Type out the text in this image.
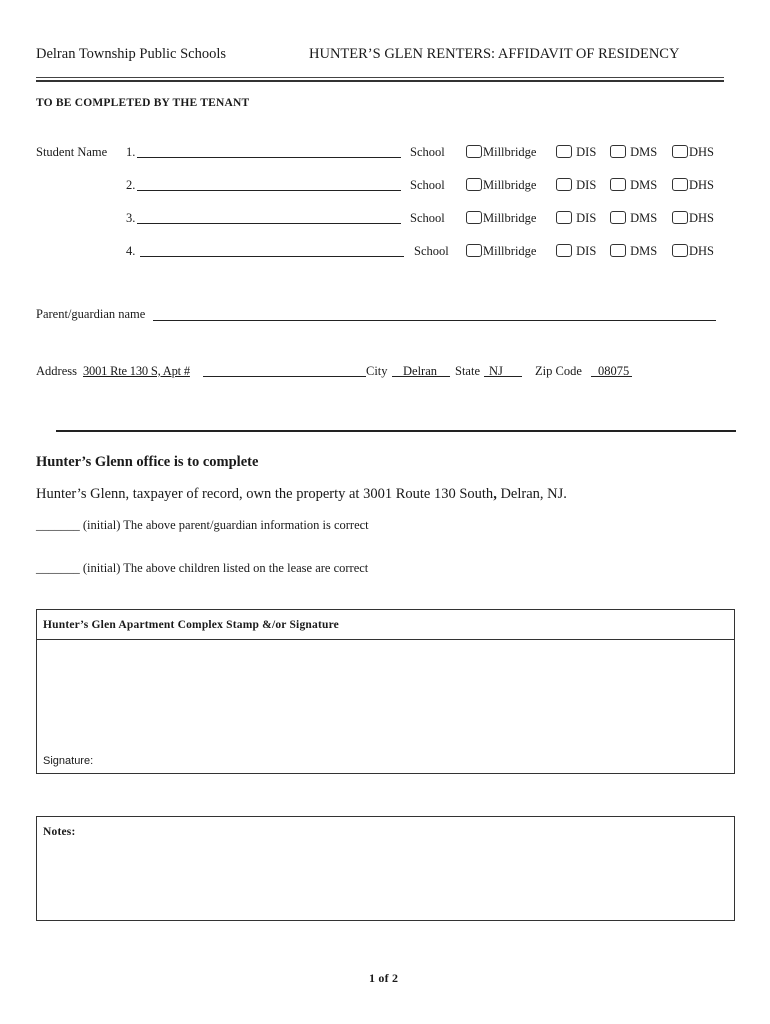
Delran Township Public Schools	HUNTER’S GLEN RENTERS: AFFIDAVIT OF RESIDENCY
TO BE COMPLETED BY THE TENANT
Student Name 1.	School	Millbridge	DIS	DMS	DHS
2.	School	Millbridge	DIS	DMS	DHS
3.	School	Millbridge	DIS	DMS	DHS
4.	School	Millbridge	DIS	DMS	DHS
Parent/guardian name
Address 3001 Rte 130 S, Apt #	City Delran State NJ	Zip Code 08075
Hunter’s Glenn office is to complete
Hunter’s Glenn, taxpayer of record, own the property at 3001 Route 130 South, Delran, NJ.
_______ (initial) The above parent/guardian information is correct
_______ (initial) The above children listed on the lease are correct
Hunter’s Glen Apartment Complex Stamp &/or Signature
Signature:
Notes:
1 of 2
